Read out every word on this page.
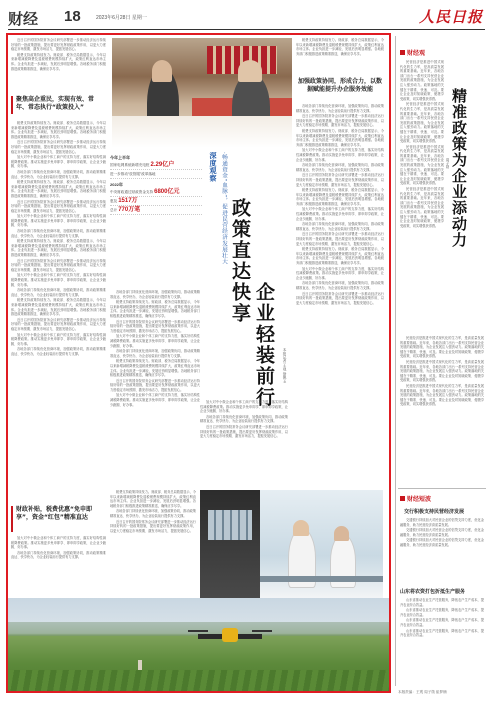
财经 18	2023年6月28日 星期一	人民日报

近日召开的国务院常务会议研究部署进一步推动经济运行持续好转的一批政策措施，提出要更好发挥财政政策作用，以更大力度稳定市场预期、激发市场活力，提振发展信心。

税费支持政策持续发力。财政部、税务总局数据显示，今年以来新增减税降费及退税缓费规模持续扩大，政策红利直达市场主体。企业负担进一步减轻，发展后劲明显增强。各地税务部门积极推进政策精准推送，确保应享尽享。

聚焦高企重民，实现有效、常年、常态执行“政策投入”

税费支持政策持续发力。财政部、税务总局数据显示，今年以来新增减税降费及退税缓费规模持续扩大，政策红利直达市场主体。企业负担进一步减轻，发展后劲明显增强。各地税务部门积极推进政策精准推送，确保应享尽享。

近日召开的国务院常务会议研究部署进一步推动经济运行持续好转的一批政策措施，提出要更好发挥财政政策作用，以更大力度稳定市场预期、激发市场活力，提振发展信心。

加大对中小微企业和个体工商户的支持力度，落实好结构性减税降费政策。推动实施更多免申即享、即申即享政策，让企业少跑腿、好办事。

各地各部门持续优化营商环境，加强政策协同，推动政策精准直达、快享快办，为企业轻装前行提供有力支撑。

税费支持政策持续发力。财政部、税务总局数据显示，今年以来新增减税降费及退税缓费规模持续扩大，政策红利直达市场主体。企业负担进一步减轻，发展后劲明显增强。各地税务部门积极推进政策精准推送，确保应享尽享。

近日召开的国务院常务会议研究部署进一步推动经济运行持续好转的一批政策措施，提出要更好发挥财政政策作用，以更大力度稳定市场预期、激发市场活力，提振发展信心。

加大对中小微企业和个体工商户的支持力度，落实好结构性减税降费政策。推动实施更多免申即享、即申即享政策，让企业少跑腿、好办事。

各地各部门持续优化营商环境，加强政策协同，推动政策精准直达、快享快办，为企业轻装前行提供有力支撑。

税费支持政策持续发力。财政部、税务总局数据显示，今年以来新增减税降费及退税缓费规模持续扩大，政策红利直达市场主体。企业负担进一步减轻，发展后劲明显增强。各地税务部门积极推进政策精准推送，确保应享尽享。

近日召开的国务院常务会议研究部署进一步推动经济运行持续好转的一批政策措施，提出要更好发挥财政政策作用，以更大力度稳定市场预期、激发市场活力，提振发展信心。

加大对中小微企业和个体工商户的支持力度，落实好结构性减税降费政策。推动实施更多免申即享、即申即享政策，让企业少跑腿、好办事。

各地各部门持续优化营商环境，加强政策协同，推动政策精准直达、快享快办，为企业轻装前行提供有力支撑。

税费支持政策持续发力。财政部、税务总局数据显示，今年以来新增减税降费及退税缓费规模持续扩大，政策红利直达市场主体。企业负担进一步减轻，发展后劲明显增强。各地税务部门积极推进政策精准推送，确保应享尽享。

近日召开的国务院常务会议研究部署进一步推动经济运行持续好转的一批政策措施，提出要更好发挥财政政策作用，以更大力度稳定市场预期、激发市场活力，提振发展信心。

加大对中小微企业和个体工商户的支持力度，落实好结构性减税降费政策。推动实施更多免申即享、即申即享政策，让企业少跑腿、好办事。

各地各部门持续优化营商环境，加强政策协同，推动政策精准直达、快享快办，为企业轻装前行提供有力支撑。

财政补贴，税费优惠“免申即享”，资金“红包”精准直达

加大对中小微企业和个体工商户的支持力度，落实好结构性减税降费政策。推动实施更多免申即享、即申即享政策，让企业少跑腿、好办事。

各地各部门持续优化营商环境，加强政策协同，推动政策精准直达、快享快办，为企业轻装前行提供有力支撑。

今年上半年
国家电网系统新增充电桩 2.29亿户
进一步推动“放管服”改革落地
2022年
中央财政通过财政资金支持 6800亿元
惠及 1517万
总计 770万笔

各地各部门持续优化营商环境，加强政策协同，推动政策精准直达、快享快办，为企业轻装前行提供有力支撑。

税费支持政策持续发力。财政部、税务总局数据显示，今年以来新增减税降费及退税缓费规模持续扩大，政策红利直达市场主体。企业负担进一步减轻，发展后劲明显增强。各地税务部门积极推进政策精准推送，确保应享尽享。

近日召开的国务院常务会议研究部署进一步推动经济运行持续好转的一批政策措施，提出要更好发挥财政政策作用，以更大力度稳定市场预期、激发市场活力，提振发展信心。

加大对中小微企业和个体工商户的支持力度，落实好结构性减税降费政策。推动实施更多免申即享、即申即享政策，让企业少跑腿、好办事。

各地各部门持续优化营商环境，加强政策协同，推动政策精准直达、快享快办，为企业轻装前行提供有力支撑。

税费支持政策持续发力。财政部、税务总局数据显示，今年以来新增减税降费及退税缓费规模持续扩大，政策红利直达市场主体。企业负担进一步减轻，发展后劲明显增强。各地税务部门积极推进政策精准推送，确保应享尽享。

近日召开的国务院常务会议研究部署进一步推动经济运行持续好转的一批政策措施，提出要更好发挥财政政策作用，以更大力度稳定市场预期、激发市场活力，提振发展信心。

加大对中小微企业和个体工商户的支持力度，落实好结构性减税降费政策。推动实施更多免申即享、即申即享政策，让企业少跑腿、好办事。

税费支持政策持续发力。财政部、税务总局数据显示，今年以来新增减税降费及退税缓费规模持续扩大，政策红利直达市场主体。企业负担进一步减轻，发展后劲明显增强。各地税务部门积极推进政策精准推送，确保应享尽享。

各地各部门持续优化营商环境，加强政策协同，推动政策精准直达、快享快办，为企业轻装前行提供有力支撑。

近日召开的国务院常务会议研究部署进一步推动经济运行持续好转的一批政策措施，提出要更好发挥财政政策作用，以更大力度稳定市场预期、激发市场活力，提振发展信心。

深度观察 ·畅通资金“血脉”，促进民营经济发展壮大 政策直达快享
企业轻装前行	本报记者 王观 徐佩玉

加大对中小微企业和个体工商户的支持力度，落实好结构性减税降费政策。推动实施更多免申即享、即申即享政策，让企业少跑腿、好办事。

各地各部门持续优化营商环境，加强政策协同，推动政策精准直达、快享快办，为企业轻装前行提供有力支撑。

近日召开的国务院常务会议研究部署进一步推动经济运行持续好转的一批政策措施，提出要更好发挥财政政策作用，以更大力度稳定市场预期、激发市场活力，提振发展信心。

税费支持政策持续发力。财政部、税务总局数据显示，今年以来新增减税降费及退税缓费规模持续扩大，政策红利直达市场主体。企业负担进一步减轻，发展后劲明显增强。各地税务部门积极推进政策精准推送，确保应享尽享。

加强政策协同，形成合力，以数据赋能提升办企服务效能

各地各部门持续优化营商环境，加强政策协同，推动政策精准直达、快享快办，为企业轻装前行提供有力支撑。

近日召开的国务院常务会议研究部署进一步推动经济运行持续好转的一批政策措施，提出要更好发挥财政政策作用，以更大力度稳定市场预期、激发市场活力，提振发展信心。

税费支持政策持续发力。财政部、税务总局数据显示，今年以来新增减税降费及退税缓费规模持续扩大，政策红利直达市场主体。企业负担进一步减轻，发展后劲明显增强。各地税务部门积极推进政策精准推送，确保应享尽享。

加大对中小微企业和个体工商户的支持力度，落实好结构性减税降费政策。推动实施更多免申即享、即申即享政策，让企业少跑腿、好办事。

各地各部门持续优化营商环境，加强政策协同，推动政策精准直达、快享快办，为企业轻装前行提供有力支撑。

近日召开的国务院常务会议研究部署进一步推动经济运行持续好转的一批政策措施，提出要更好发挥财政政策作用，以更大力度稳定市场预期、激发市场活力，提振发展信心。

税费支持政策持续发力。财政部、税务总局数据显示，今年以来新增减税降费及退税缓费规模持续扩大，政策红利直达市场主体。企业负担进一步减轻，发展后劲明显增强。各地税务部门积极推进政策精准推送，确保应享尽享。

加大对中小微企业和个体工商户的支持力度，落实好结构性减税降费政策。推动实施更多免申即享、即申即享政策，让企业少跑腿、好办事。

各地各部门持续优化营商环境，加强政策协同，推动政策精准直达、快享快办，为企业轻装前行提供有力支撑。

近日召开的国务院常务会议研究部署进一步推动经济运行持续好转的一批政策措施，提出要更好发挥财政政策作用，以更大力度稳定市场预期、激发市场活力，提振发展信心。

税费支持政策持续发力。财政部、税务总局数据显示，今年以来新增减税降费及退税缓费规模持续扩大，政策红利直达市场主体。企业负担进一步减轻，发展后劲明显增强。各地税务部门积极推进政策精准推送，确保应享尽享。

加大对中小微企业和个体工商户的支持力度，落实好结构性减税降费政策。推动实施更多免申即享、即申即享政策，让企业少跑腿、好办事。

各地各部门持续优化营商环境，加强政策协同，推动政策精准直达、快享快办，为企业轻装前行提供有力支撑。

近日召开的国务院常务会议研究部署进一步推动经济运行持续好转的一批政策措施，提出要更好发挥财政政策作用，以更大力度稳定市场预期、激发市场活力，提振发展信心。

财经观

民营经济是推进中国式现代化的生力军，是高质量发展的重要基础。近年来，各地各部门出台一系列支持民营企业发展的政策措施，为企业发展注入强劲动力。政策落地的关键在于精准、快速、可及。要让企业及时知晓政策、便捷享受政策，切实增强获得感。

民营经济是推进中国式现代化的生力军，是高质量发展的重要基础。近年来，各地各部门出台一系列支持民营企业发展的政策措施，为企业发展注入强劲动力。政策落地的关键在于精准、快速、可及。要让企业及时知晓政策、便捷享受政策，切实增强获得感。

民营经济是推进中国式现代化的生力军，是高质量发展的重要基础。近年来，各地各部门出台一系列支持民营企业发展的政策措施，为企业发展注入强劲动力。政策落地的关键在于精准、快速、可及。要让企业及时知晓政策、便捷享受政策，切实增强获得感。

民营经济是推进中国式现代化的生力军，是高质量发展的重要基础。近年来，各地各部门出台一系列支持民营企业发展的政策措施，为企业发展注入强劲动力。政策落地的关键在于精准、快速、可及。要让企业及时知晓政策、便捷享受政策，切实增强获得感。 精准政策为企业添动力
周子勋

民营经济是推进中国式现代化的生力军，是高质量发展的重要基础。近年来，各地各部门出台一系列支持民营企业发展的政策措施，为企业发展注入强劲动力。政策落地的关键在于精准、快速、可及。要让企业及时知晓政策、便捷享受政策，切实增强获得感。

民营经济是推进中国式现代化的生力军，是高质量发展的重要基础。近年来，各地各部门出台一系列支持民营企业发展的政策措施，为企业发展注入强劲动力。政策落地的关键在于精准、快速、可及。要让企业及时知晓政策、便捷享受政策，切实增强获得感。

民营经济是推进中国式现代化的生力军，是高质量发展的重要基础。近年来，各地各部门出台一系列支持民营企业发展的政策措施，为企业发展注入强劲动力。政策落地的关键在于精准、快速、可及。要让企业及时知晓政策、便捷享受政策，切实增强获得感。

财经短波
交行积极支持民营经济发展

交通银行持续加大对民营企业的信贷支持力度，优化金融服务，助力民营经济高质量发展。

交通银行持续加大对民营企业的信贷支持力度，优化金融服务，助力民营经济高质量发展。

交通银行持续加大对民营企业的信贷支持力度，优化金融服务，助力民营经济高质量发展。

山东将农资打包折抵生产服务

山东省推动农业生产托管服务，降低农户生产成本，提升农业综合效益。

山东省推动农业生产托管服务，降低农户生产成本，提升农业综合效益。

山东省推动农业生产托管服务，降低农户生产成本，提升农业综合效益。

山东省推动农业生产托管服务，降低农户生产成本，提升农业综合效益。

本版责编：王观 周子勋 崔梦楠
